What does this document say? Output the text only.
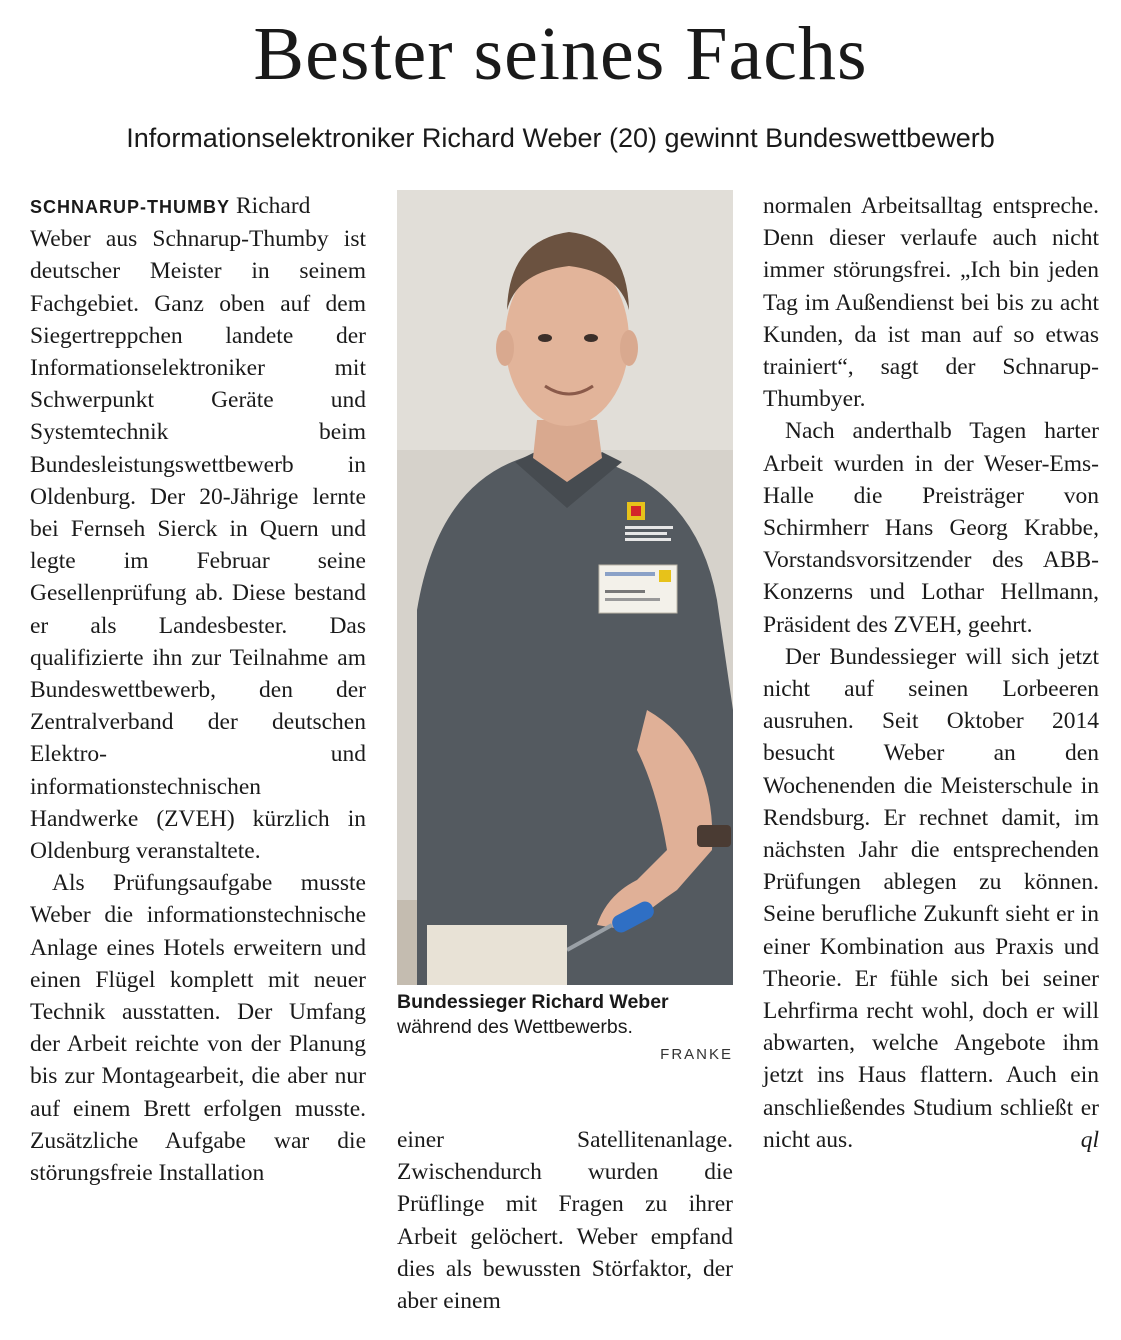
Bester seines Fachs
Informationselektroniker Richard Weber (20) gewinnt Bundeswettbewerb

SCHNARUP-THUMBY Richard Weber aus Schnarup-Thumby ist deutscher Meister in seinem Fachgebiet. Ganz oben auf dem Siegertreppchen landete der Informationselektroniker mit Schwerpunkt Geräte und Systemtechnik beim Bundesleistungswettbewerb in Oldenburg. Der 20-Jährige lernte bei Fernseh Sierck in Quern und legte im Februar seine Gesellenprüfung ab. Diese bestand er als Landesbester. Das qualifizierte ihn zur Teilnahme am Bundeswettbewerb, den der Zentralverband der deutschen Elektro- und informationstechnischen Handwerke (ZVEH) kürzlich in Oldenburg veranstaltete.

Als Prüfungsaufgabe musste Weber die informationstechnische Anlage eines Hotels erweitern und einen Flügel komplett mit neuer Technik ausstatten. Der Umfang der Arbeit reichte von der Planung bis zur Montagearbeit, die aber nur auf einem Brett erfolgen musste. Zusätzliche Aufgabe war die störungsfreie Installation

Bundessieger Richard Weber
während des Wettbewerbs.
FRANKE

einer Satellitenanlage. Zwischendurch wurden die Prüflinge mit Fragen zu ihrer Arbeit gelöchert. Weber empfand dies als bewussten Störfaktor, der aber einem

normalen Arbeitsalltag entspreche. Denn dieser verlaufe auch nicht immer störungsfrei. „Ich bin jeden Tag im Außendienst bei bis zu acht Kunden, da ist man auf so etwas trainiert“, sagt der Schnarup-Thumbyer.

Nach anderthalb Tagen harter Arbeit wurden in der Weser-Ems-Halle die Preisträger von Schirmherr Hans Georg Krabbe, Vorstandsvorsitzender des ABB-Konzerns und Lothar Hellmann, Präsident des ZVEH, geehrt.

Der Bundessieger will sich jetzt nicht auf seinen Lorbeeren ausruhen. Seit Oktober 2014 besucht Weber an den Wochenenden die Meisterschule in Rendsburg. Er rechnet damit, im nächsten Jahr die entsprechenden Prüfungen ablegen zu können. Seine berufliche Zukunft sieht er in einer Kombination aus Praxis und Theorie. Er fühle sich bei seiner Lehrfirma recht wohl, doch er will abwarten, welche Angebote ihm jetzt ins Haus flattern. Auch ein anschließendes Studium schließt er nicht aus.	ql
